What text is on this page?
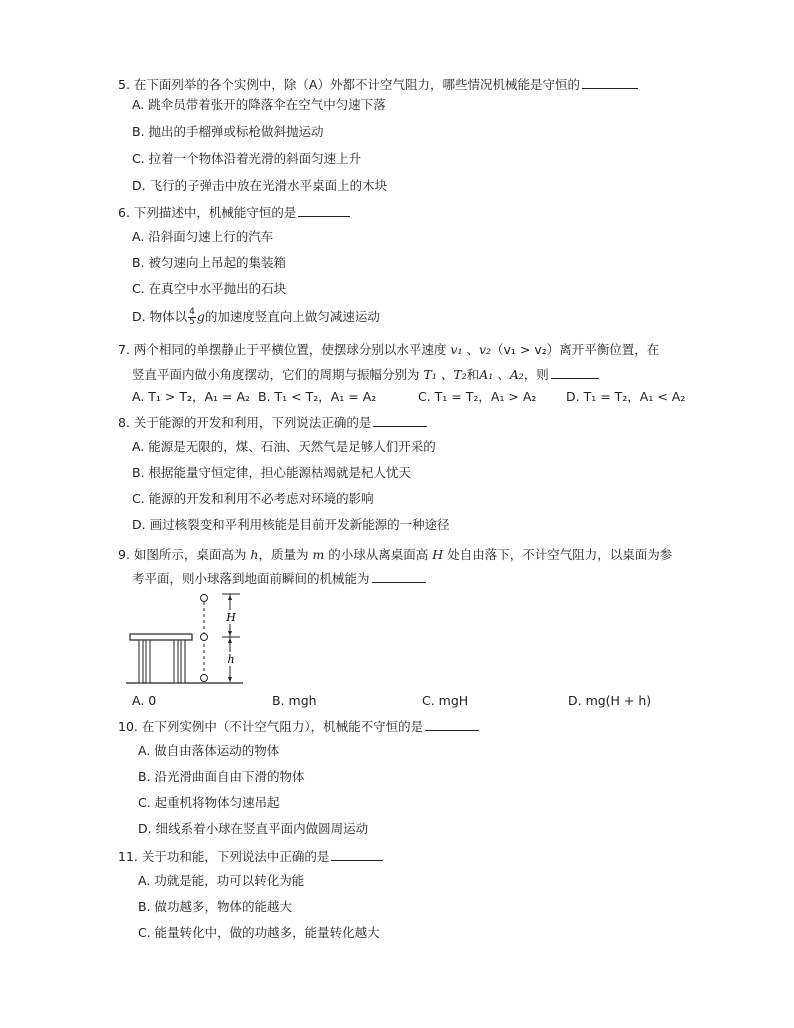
5. 在下面列举的各个实例中，除（A）外都不计空气阻力，哪些情况机械能是守恒的
A. 跳伞员带着张开的降落伞在空气中匀速下落
B. 抛出的手榴弹或标枪做斜抛运动
C. 拉着一个物体沿着光滑的斜面匀速上升
D. 飞行的子弹击中放在光滑水平桌面上的木块
6. 下列描述中，机械能守恒的是
A. 沿斜面匀速上行的汽车
B. 被匀速向上吊起的集装箱
C. 在真空中水平抛出的石块
D. 物体以 $\frac{4}{5}$ g的加速度竖直向上做匀减速运动
7. 两个相同的单摆静止于平横位置，使摆球分别以水平速度 v₁ 、v₂（v₁ > v₂）离开平衡位置，在
竖直平面内做小角度摆动，它们的周期与振幅分别为 T₁ 、T₂和A₁ 、A₂，则
A. T₁ > T₂，A₁ = A₂ B. T₁ < T₂，A₁ = A₂	C. T₁ = T₂，A₁ > A₂ D. T₁ = T₂，A₁ < A₂
8. 关于能源的开发和利用，下列说法正确的是
A. 能源是无限的，煤、石油、天然气是足够人们开采的
B. 根据能量守恒定律，担心能源枯竭就是杞人忧天
C. 能源的开发和利用不必考虑对环境的影响
D. 画过核裂变和平利用核能是目前开发新能源的一种途径
9. 如图所示，桌面高为 h，质量为 m 的小球从离桌面高 H 处自由落下，不计空气阻力，以桌面为参
考平面，则小球落到地面前瞬间的机械能为
H
h
A. 0	B. mgh	C. mgH	D. mg(H + h)
10. 在下列实例中（不计空气阻力），机械能不守恒的是
A. 做自由落体运动的物体
B. 沿光滑曲面自由下滑的物体
C. 起重机将物体匀速吊起
D. 细线系着小球在竖直平面内做圆周运动
11. 关于功和能，下列说法中正确的是
A. 功就是能，功可以转化为能
B. 做功越多，物体的能越大
C. 能量转化中，做的功越多，能量转化越大
